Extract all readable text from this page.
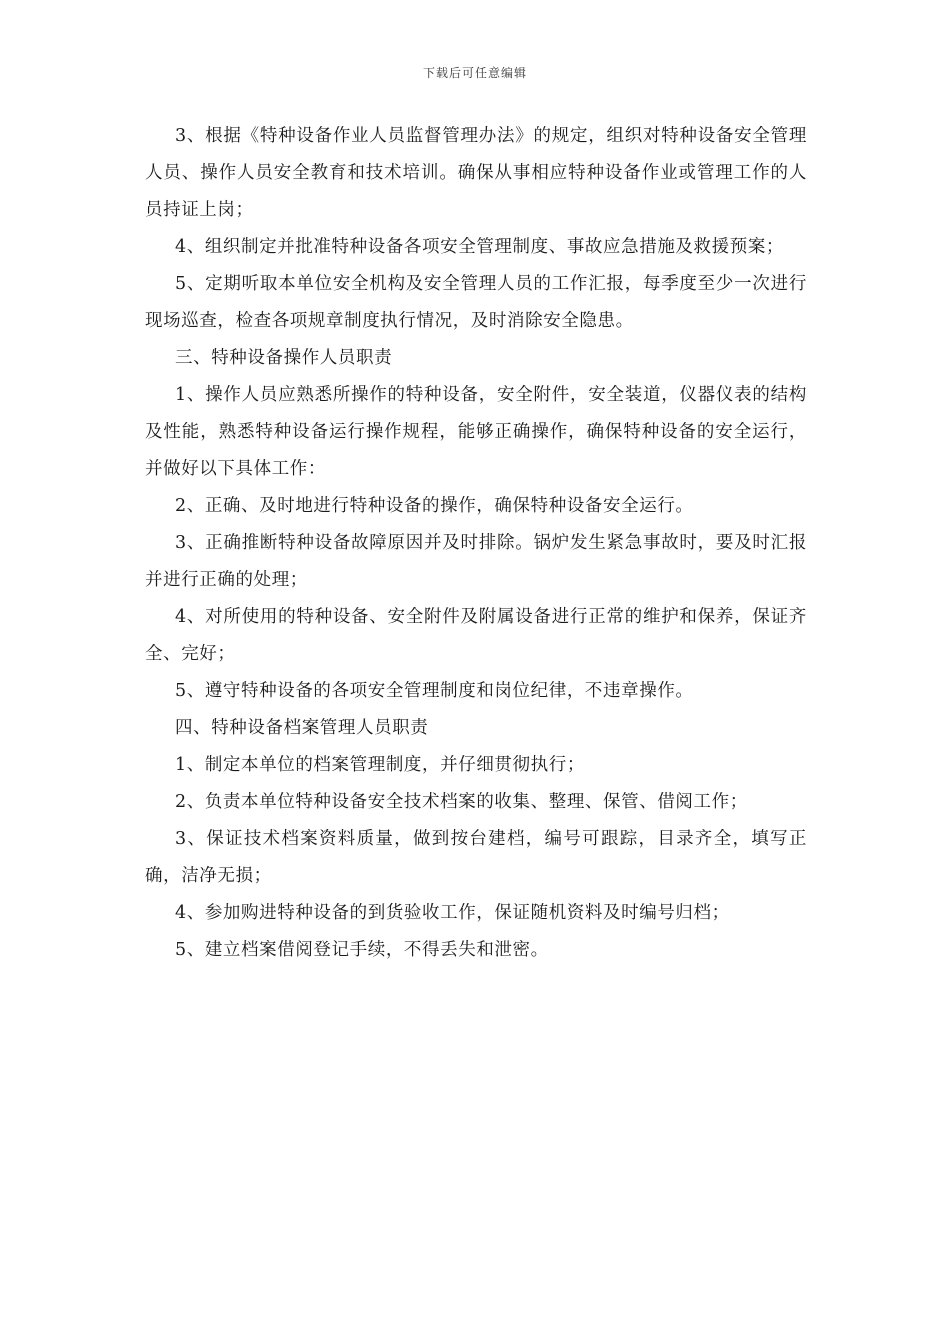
下载后可任意编辑

3、根据《特种设备作业人员监督管理办法》的规定，组织对特种设备安全管理人员、操作人员安全教育和技术培训。确保从事相应特种设备作业或管理工作的人员持证上岗；

4、组织制定并批准特种设备各项安全管理制度、事故应急措施及救援预案；

5、定期听取本单位安全机构及安全管理人员的工作汇报，每季度至少一次进行现场巡查，检查各项规章制度执行情况，及时消除安全隐患。

三、特种设备操作人员职责

1、操作人员应熟悉所操作的特种设备，安全附件，安全装道，仪器仪表的结构及性能，熟悉特种设备运行操作规程，能够正确操作，确保特种设备的安全运行，并做好以下具体工作：

2、正确、及时地进行特种设备的操作，确保特种设备安全运行。

3、正确推断特种设备故障原因并及时排除。锅炉发生紧急事故时，要及时汇报并进行正确的处理；

4、对所使用的特种设备、安全附件及附属设备进行正常的维护和保养，保证齐全、完好；

5、遵守特种设备的各项安全管理制度和岗位纪律，不违章操作。

四、特种设备档案管理人员职责

1、制定本单位的档案管理制度，并仔细贯彻执行；

2、负责本单位特种设备安全技术档案的收集、整理、保管、借阅工作；

3、保证技术档案资料质量，做到按台建档，编号可跟踪，目录齐全，填写正确，洁净无损；

4、参加购进特种设备的到货验收工作，保证随机资料及时编号归档；

5、建立档案借阅登记手续，不得丢失和泄密。
